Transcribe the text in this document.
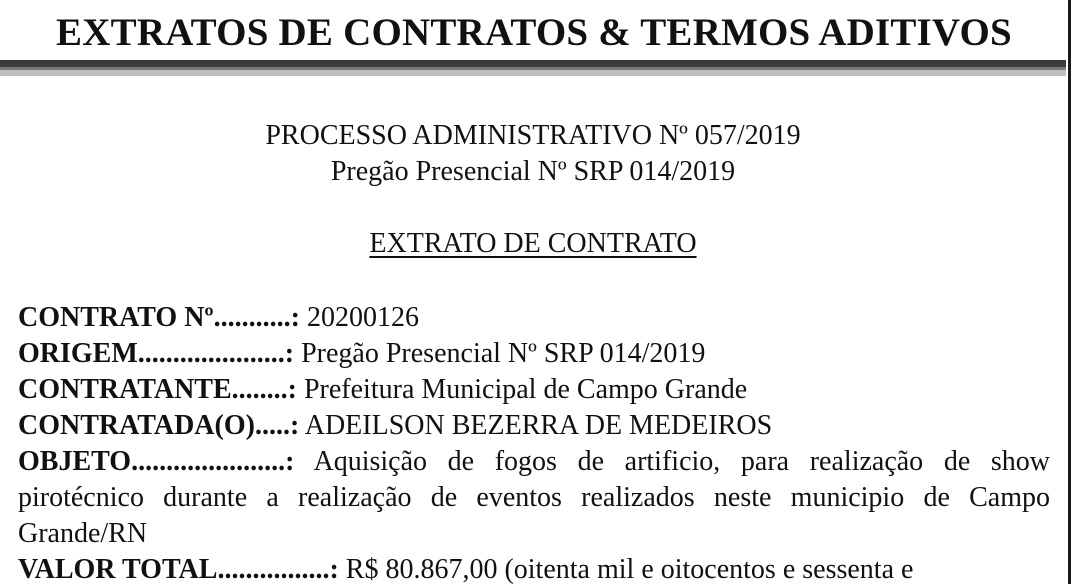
EXTRATOS DE CONTRATOS & TERMOS ADITIVOS
PROCESSO ADMINISTRATIVO Nº 057/2019
Pregão Presencial Nº SRP 014/2019
EXTRATO DE CONTRATO

CONTRATO Nº...........: 20200126

ORIGEM.....................: Pregão Presencial Nº SRP 014/2019

CONTRATANTE........: Prefeitura Municipal de Campo Grande

CONTRATADA(O).....: ADEILSON BEZERRA DE MEDEIROS

OBJETO......................: Aquisição de fogos de artificio, para realização de show pirotécnico durante a realização de eventos realizados neste municipio de Campo Grande/RN

VALOR TOTAL................: R$ 80.867,00 (oitenta mil e oitocentos e sessenta e
